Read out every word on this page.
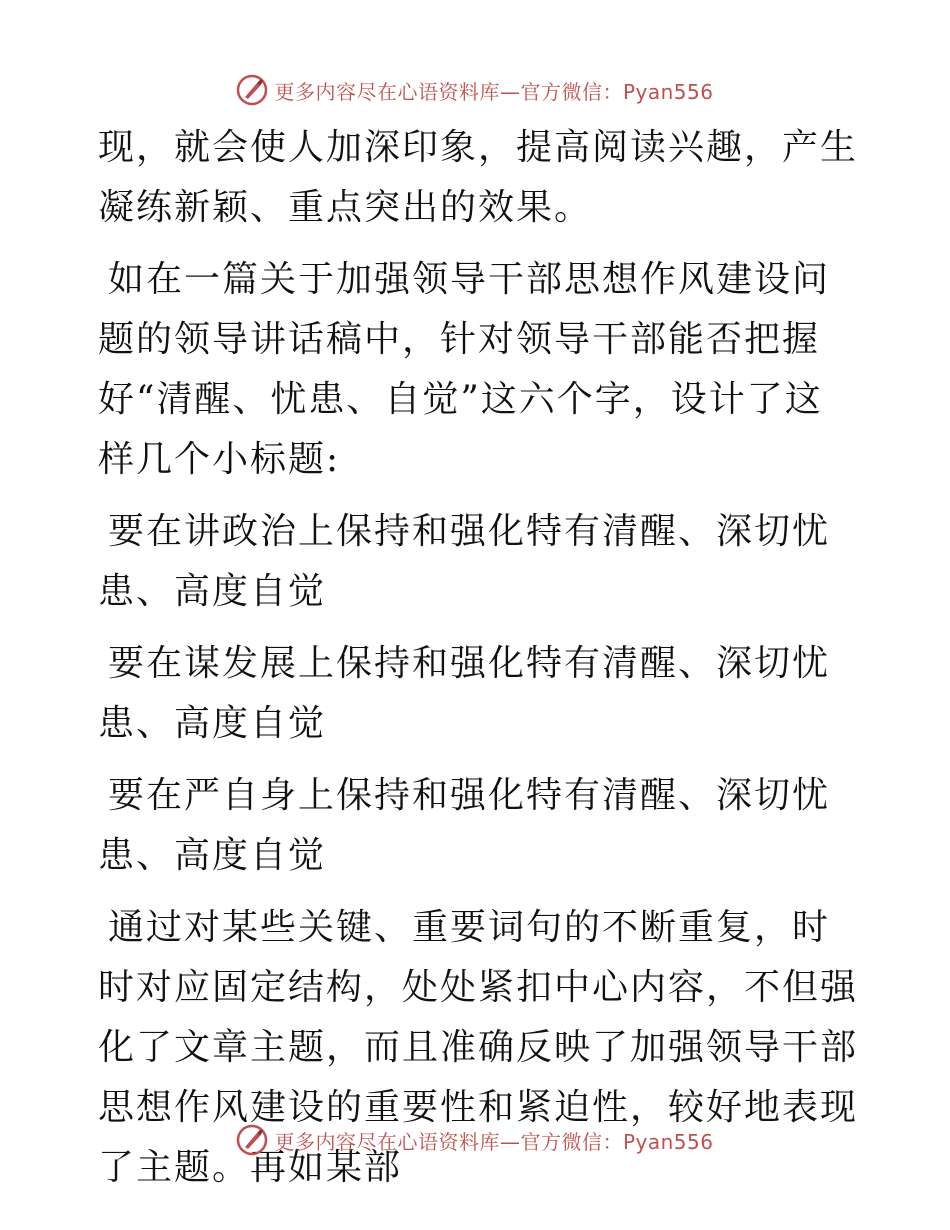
更多内容尽在心语资料库—官方微信：Pyan556

现，就会使人加深印象，提高阅读兴趣，产生凝练新颖、重点突出的效果。

如在一篇关于加强领导干部思想作风建设问题的领导讲话稿中，针对领导干部能否把握好“清醒、忧患、自觉”这六个字，设计了这样几个小标题:

要在讲政治上保持和强化特有清醒、深切忧患、高度自觉

要在谋发展上保持和强化特有清醒、深切忧患、高度自觉

要在严自身上保持和强化特有清醒、深切忧患、高度自觉

通过对某些关键、重要词句的不断重复，时时对应固定结构，处处紧扣中心内容，不但强化了文章主题，而且准确反映了加强领导干部思想作风建设的重要性和紧迫性，较好地表现了主题。再如某部

更多内容尽在心语资料库—官方微信：Pyan556
